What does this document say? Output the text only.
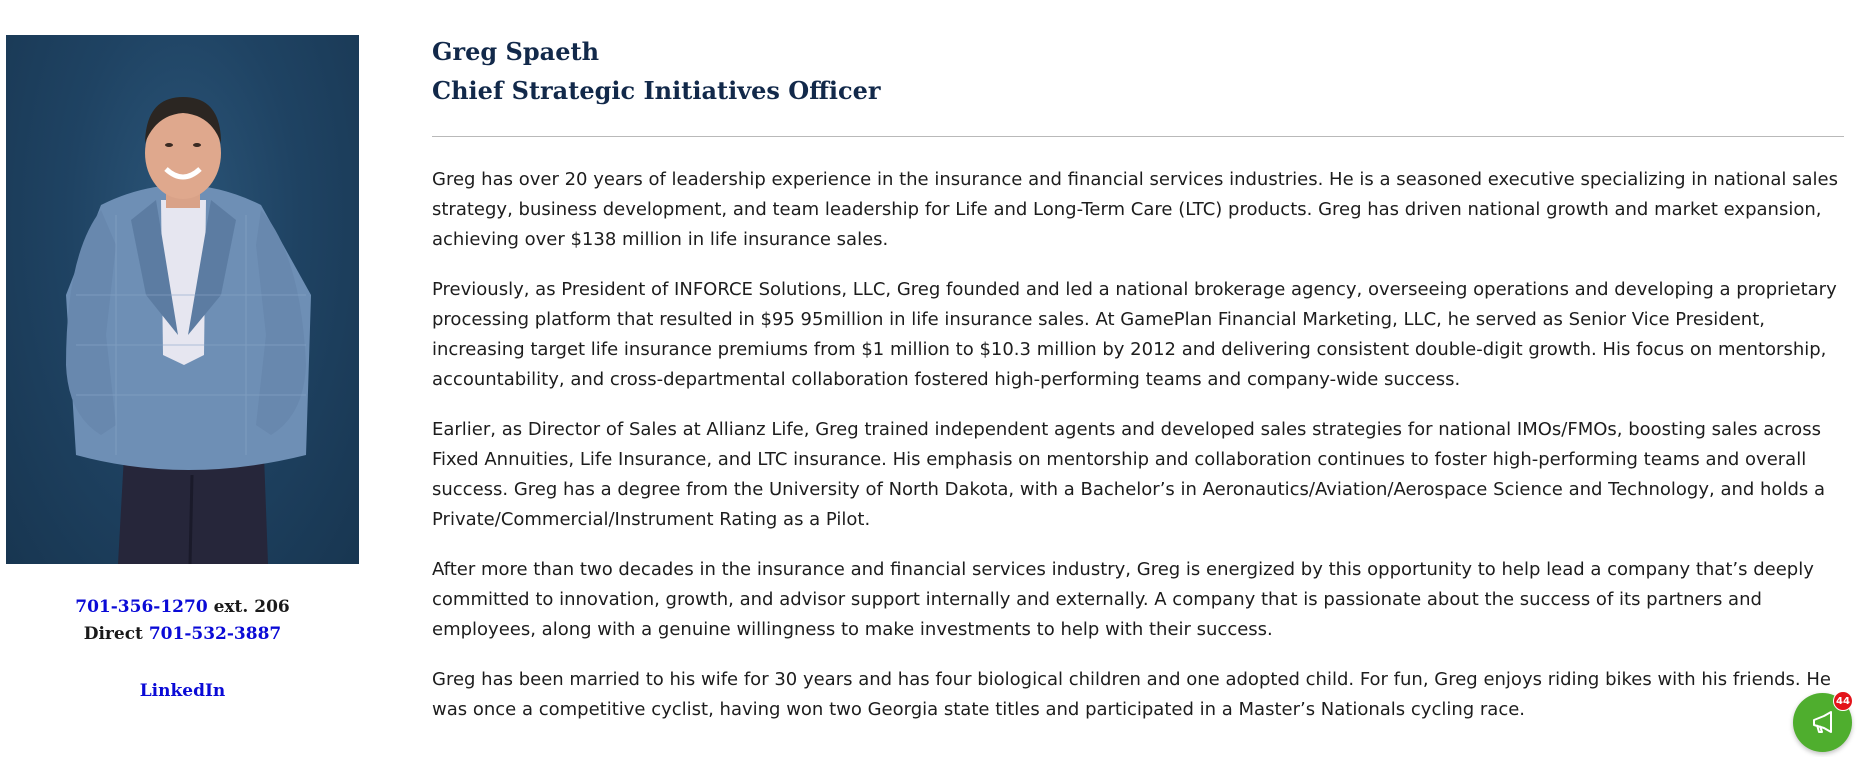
701-356-1270 ext. 206
Direct 701-532-3887
LinkedIn
Greg Spaeth
Chief Strategic Initiatives Officer

Greg has over 20 years of leadership experience in the insurance and financial services industries. He is a seasoned executive specializing in national sales strategy, business development, and team leadership for Life and Long-Term Care (LTC) products. Greg has driven national growth and market expansion, achieving over $138 million in life insurance sales.

Previously, as President of INFORCE Solutions, LLC, Greg founded and led a national brokerage agency, overseeing operations and developing a proprietary processing platform that resulted in $95 95million in life insurance sales. At GamePlan Financial Marketing, LLC, he served as Senior Vice President, increasing target life insurance premiums from $1 million to $10.3 million by 2012 and delivering consistent double-digit growth. His focus on mentorship, accountability, and cross-departmental collaboration fostered high-performing teams and company-wide success.

Earlier, as Director of Sales at Allianz Life, Greg trained independent agents and developed sales strategies for national IMOs/FMOs, boosting sales across Fixed Annuities, Life Insurance, and LTC insurance. His emphasis on mentorship and collaboration continues to foster high-performing teams and overall success. Greg has a degree from the University of North Dakota, with a Bachelor’s in Aeronautics/Aviation/Aerospace Science and Technology, and holds a Private/Commercial/Instrument Rating as a Pilot.

After more than two decades in the insurance and financial services industry, Greg is energized by this opportunity to help lead a company that’s deeply committed to innovation, growth, and advisor support internally and externally. A company that is passionate about the success of its partners and employees, along with a genuine willingness to make investments to help with their success.

Greg has been married to his wife for 30 years and has four biological children and one adopted child. For fun, Greg enjoys riding bikes with his friends. He was once a competitive cyclist, having won two Georgia state titles and participated in a Master’s Nationals cycling race.	44
